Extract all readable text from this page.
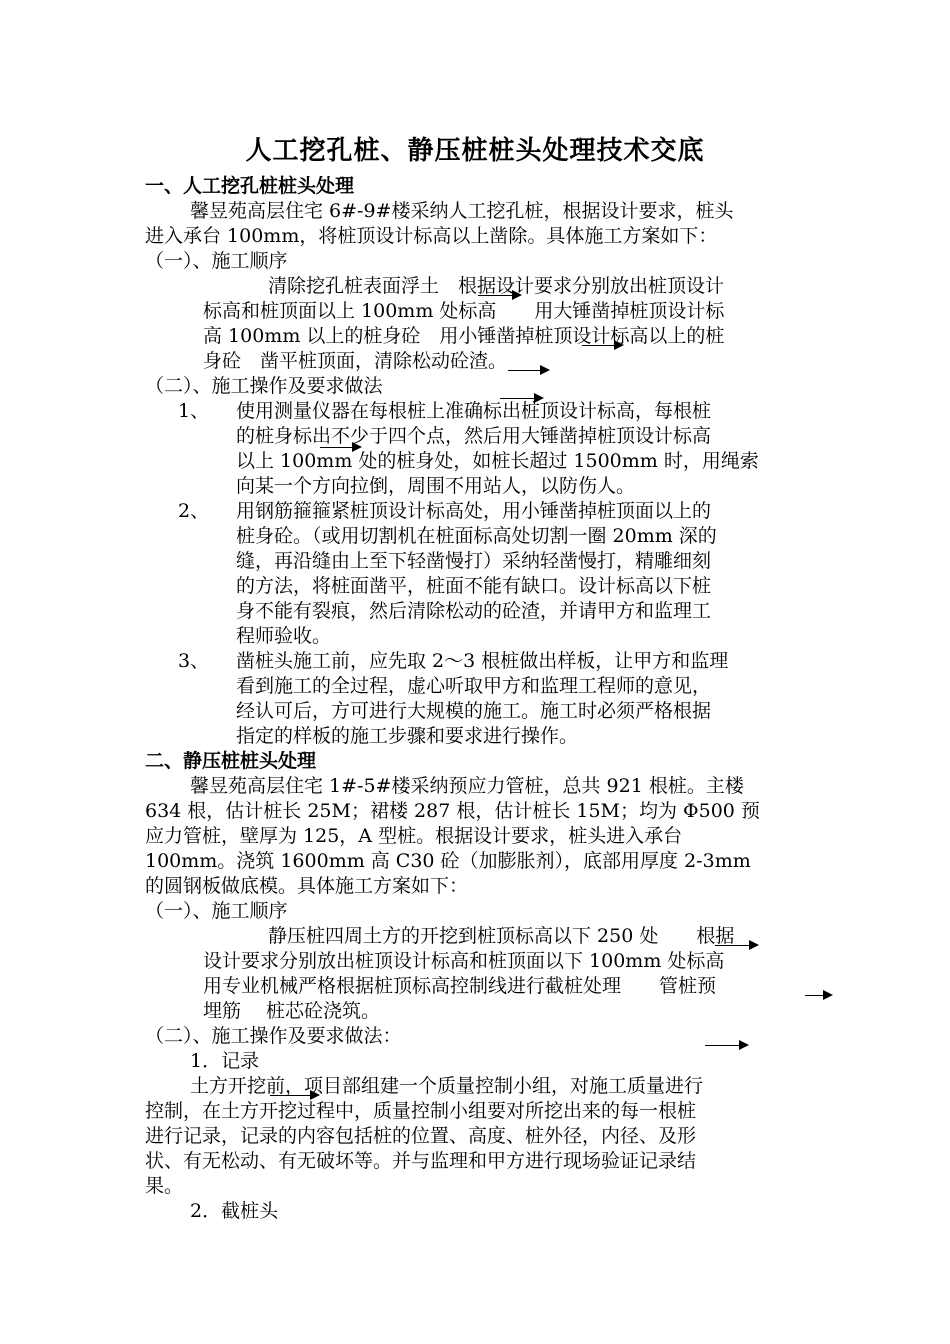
人工挖孔桩、静压桩桩头处理技术交底
一、人工挖孔桩桩头处理
馨昱苑高层住宅 6#-9#楼采纳人工挖孔桩，根据设计要求，桩头
进入承台 100mm，将桩顶设计标高以上凿除。具体施工方案如下：
（一）、施工顺序
清除挖孔桩表面浮土　根据设计要求分别放出桩顶设计
标高和桩顶面以上 100mm 处标高　　用大锤凿掉桩顶设计标
高 100mm 以上的桩身砼　用小锤凿掉桩顶设计标高以上的桩
身砼　凿平桩顶面，清除松动砼渣。
（二）、施工操作及要求做法
1、 使用测量仪器在每根桩上准确标出桩顶设计标高，每根桩
的桩身标出不少于四个点，然后用大锤凿掉桩顶设计标高
以上 100mm 处的桩身处，如桩长超过 1500mm 时，用绳索
向某一个方向拉倒，周围不用站人，以防伤人。
2、 用钢筋箍箍紧桩顶设计标高处，用小锤凿掉桩顶面以上的
桩身砼。（或用切割机在桩面标高处切割一圈 20mm 深的
缝，再沿缝由上至下轻凿慢打）采纳轻凿慢打，精雕细刻
的方法，将桩面凿平，桩面不能有缺口。设计标高以下桩
身不能有裂痕，然后清除松动的砼渣，并请甲方和监理工
程师验收。
3、 凿桩头施工前，应先取 2～3 根桩做出样板，让甲方和监理
看到施工的全过程，虚心听取甲方和监理工程师的意见，
经认可后，方可进行大规模的施工。施工时必须严格根据
指定的样板的施工步骤和要求进行操作。
二、静压桩桩头处理
馨昱苑高层住宅 1#-5#楼采纳预应力管桩，总共 921 根桩。主楼
634 根，估计桩长 25M；裙楼 287 根，估计桩长 15M；均为 Φ500 预
应力管桩，壁厚为 125，A 型桩。根据设计要求，桩头进入承台
100mm。浇筑 1600mm 高 C30 砼（加膨胀剂），底部用厚度 2-3mm
的圆钢板做底模。具体施工方案如下：
（一）、施工顺序
静压桩四周土方的开挖到桩顶标高以下 250 处　　根据
设计要求分别放出桩顶设计标高和桩顶面以下 100mm 处标高
用专业机械严格根据桩顶标高控制线进行截桩处理　　管桩预
埋筋　 桩芯砼浇筑。
（二）、施工操作及要求做法：
1．记录
土方开挖前，项目部组建一个质量控制小组，对施工质量进行
控制，在土方开挖过程中，质量控制小组要对所挖出来的每一根桩
进行记录，记录的内容包括桩的位置、高度、桩外径，内径、及形
状、有无松动、有无破坏等。并与监理和甲方进行现场验证记录结
果。
2．截桩头
